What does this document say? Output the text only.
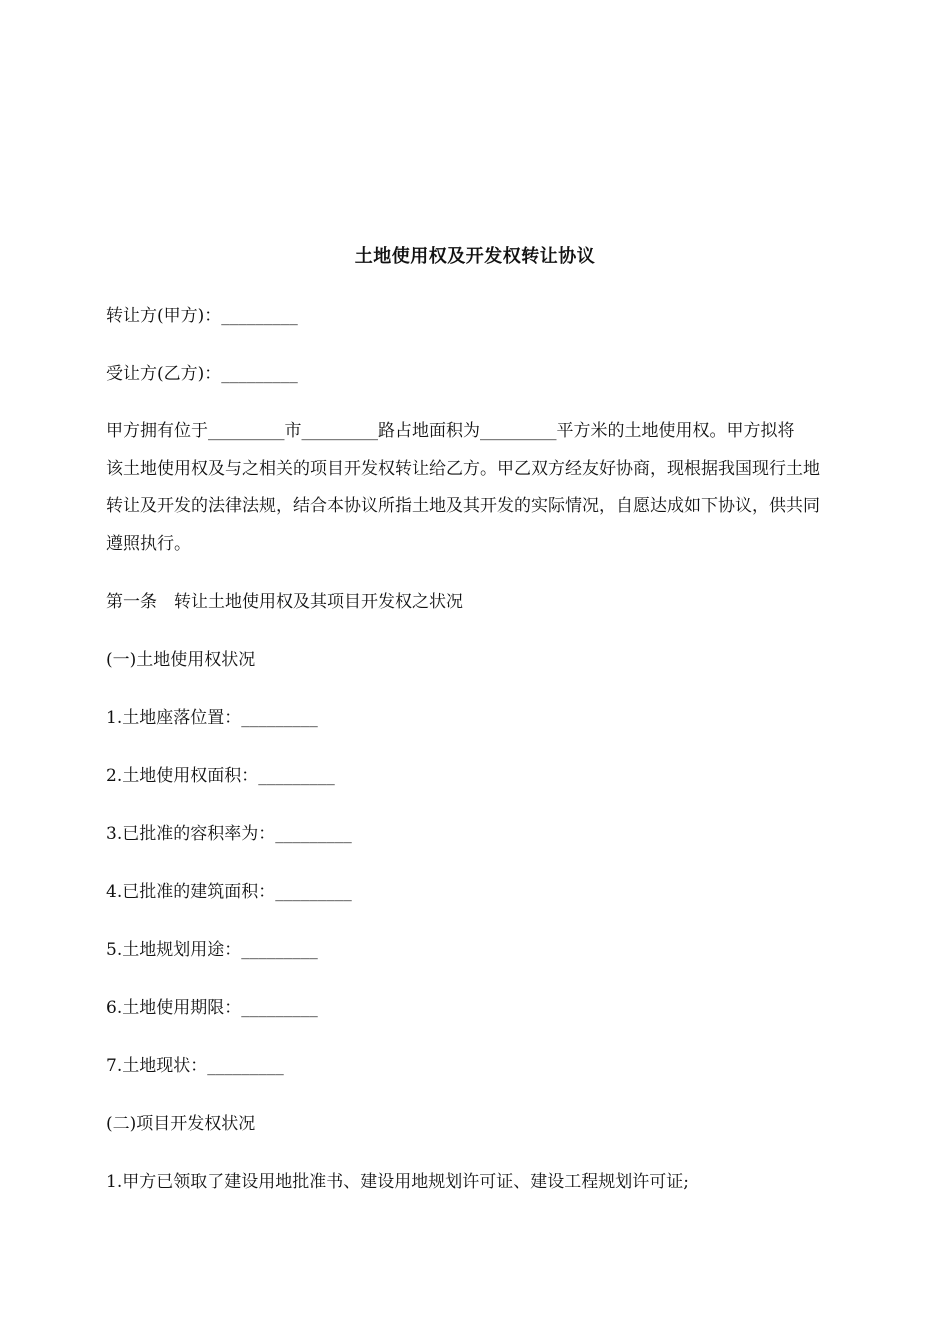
土地使用权及开发权转让协议
转让方(甲方)：_________
受让方(乙方)：_________
甲方拥有位于_________市_________路占地面积为_________平方米的土地使用权。甲方拟将
该土地使用权及与之相关的项目开发权转让给乙方。甲乙双方经友好协商，现根据我国现行土地
转让及开发的法律法规，结合本协议所指土地及其开发的实际情况，自愿达成如下协议，供共同
遵照执行。
第一条　转让土地使用权及其项目开发权之状况
(一)土地使用权状况
1.土地座落位置：_________
2.土地使用权面积：_________
3.已批准的容积率为：_________
4.已批准的建筑面积：_________
5.土地规划用途：_________
6.土地使用期限：_________
7.土地现状：_________
(二)项目开发权状况
1.甲方已领取了建设用地批准书、建设用地规划许可证、建设工程规划许可证;
